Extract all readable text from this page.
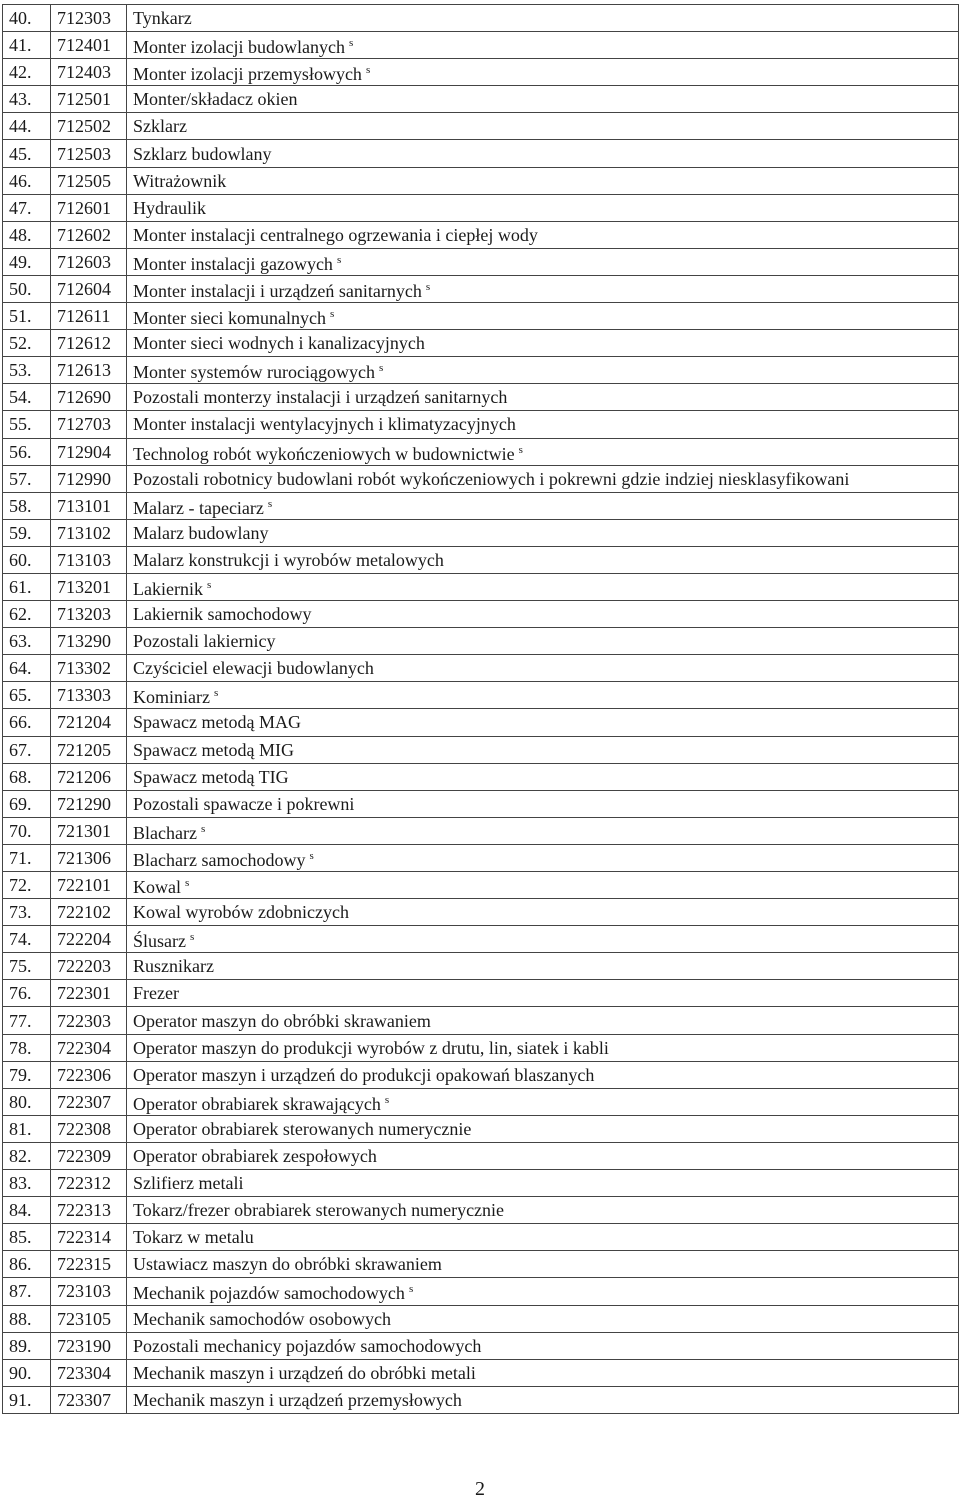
40.	712303	Tynkarz
41.	712401	Monter izolacji budowlanych $^s$
42.	712403	Monter izolacji przemysłowych $^s$
43.	712501	Monter/składacz okien
44.	712502	Szklarz
45.	712503	Szklarz budowlany
46.	712505	Witrażownik
47.	712601	Hydraulik
48.	712602	Monter instalacji centralnego ogrzewania i ciepłej wody
49.	712603	Monter instalacji gazowych $^s$
50.	712604	Monter instalacji i urządzeń sanitarnych $^s$
51.	712611	Monter sieci komunalnych $^s$
52.	712612	Monter sieci wodnych i kanalizacyjnych
53.	712613	Monter systemów rurociągowych $^s$
54.	712690	Pozostali monterzy instalacji i urządzeń sanitarnych
55.	712703	Monter instalacji wentylacyjnych i klimatyzacyjnych
56.	712904	Technolog robót wykończeniowych w budownictwie $^s$
57.	712990	Pozostali robotnicy budowlani robót wykończeniowych i pokrewni gdzie indziej niesklasyfikowani
58.	713101	Malarz - tapeciarz $^s$
59.	713102	Malarz budowlany
60.	713103	Malarz konstrukcji i wyrobów metalowych
61.	713201	Lakiernik $^s$
62.	713203	Lakiernik samochodowy
63.	713290	Pozostali lakiernicy
64.	713302	Czyściciel elewacji budowlanych
65.	713303	Kominiarz $^s$
66.	721204	Spawacz metodą MAG
67.	721205	Spawacz metodą MIG
68.	721206	Spawacz metodą TIG
69.	721290	Pozostali spawacze i pokrewni
70.	721301	Blacharz $^s$
71.	721306	Blacharz samochodowy $^s$
72.	722101	Kowal $^s$
73.	722102	Kowal wyrobów zdobniczych
74.	722204	Ślusarz $^s$
75.	722203	Rusznikarz
76.	722301	Frezer
77.	722303	Operator maszyn do obróbki skrawaniem
78.	722304	Operator maszyn do produkcji wyrobów z drutu, lin, siatek i kabli
79.	722306	Operator maszyn i urządzeń do produkcji opakowań blaszanych
80.	722307	Operator obrabiarek skrawających $^s$
81.	722308	Operator obrabiarek sterowanych numerycznie
82.	722309	Operator obrabiarek zespołowych
83.	722312	Szlifierz metali
84.	722313	Tokarz/frezer obrabiarek sterowanych numerycznie
85.	722314	Tokarz w metalu
86.	722315	Ustawiacz maszyn do obróbki skrawaniem
87.	723103	Mechanik pojazdów samochodowych $^s$
88.	723105	Mechanik samochodów osobowych
89.	723190	Pozostali mechanicy pojazdów samochodowych
90.	723304	Mechanik maszyn i urządzeń do obróbki metali
91.	723307	Mechanik maszyn i urządzeń przemysłowych
2
